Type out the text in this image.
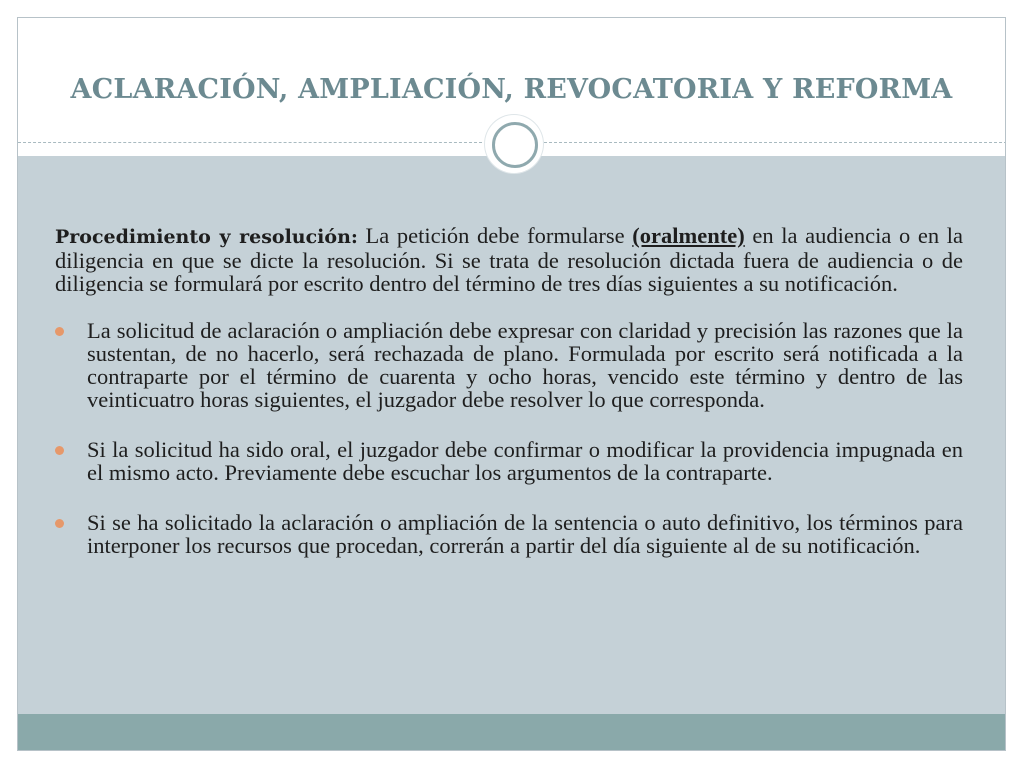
ACLARACIÓN, AMPLIACIÓN, REVOCATORIA Y REFORMA

Procedimiento y resolución: La petición debe formularse (oralmente) en la audiencia o en la diligencia en que se dicte la resolución. Si se trata de resolución dictada fuera de audiencia o de diligencia se formulará por escrito dentro del término de tres días siguientes a su notificación.

La solicitud de aclaración o ampliación debe expresar con claridad y precisión las razones que la sustentan, de no hacerlo, será rechazada de plano. Formulada por escrito será notificada a la contraparte por el término de cuarenta y ocho horas, vencido este término y dentro de las veinticuatro horas siguientes, el juzgador debe resolver lo que corresponda.
Si la solicitud ha sido oral, el juzgador debe confirmar o modificar la providencia impugnada en el mismo acto. Previamente debe escuchar los argumentos de la contraparte.
Si se ha solicitado la aclaración o ampliación de la sentencia o auto definitivo, los términos para interponer los recursos que procedan, correrán a partir del día siguiente al de su notificación.
